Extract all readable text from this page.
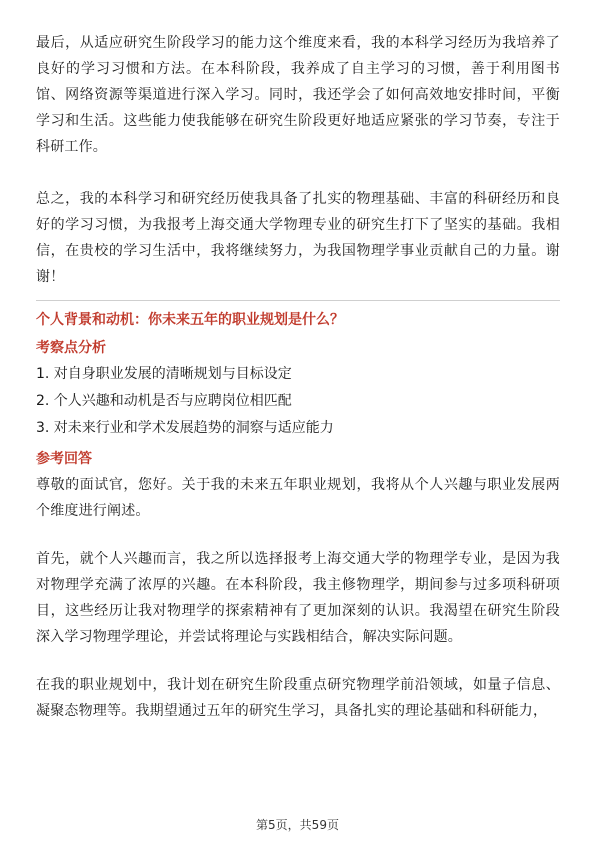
最后，从适应研究生阶段学习的能力这个维度来看，我的本科学习经历为我培养了良好的学习习惯和方法。在本科阶段，我养成了自主学习的习惯，善于利用图书馆、网络资源等渠道进行深入学习。同时，我还学会了如何高效地安排时间，平衡学习和生活。这些能力使我能够在研究生阶段更好地适应紧张的学习节奏，专注于科研工作。

总之，我的本科学习和研究经历使我具备了扎实的物理基础、丰富的科研经历和良好的学习习惯，为我报考上海交通大学物理专业的研究生打下了坚实的基础。我相信，在贵校的学习生活中，我将继续努力，为我国物理学事业贡献自己的力量。谢谢！

个人背景和动机：你未来五年的职业规划是什么？

考察点分析

1. 对自身职业发展的清晰规划与目标设定
2. 个人兴趣和动机是否与应聘岗位相匹配
3. 对未来行业和学术发展趋势的洞察与适应能力

参考回答

尊敬的面试官，您好。关于我的未来五年职业规划，我将从个人兴趣与职业发展两个维度进行阐述。

首先，就个人兴趣而言，我之所以选择报考上海交通大学的物理学专业，是因为我对物理学充满了浓厚的兴趣。在本科阶段，我主修物理学，期间参与过多项科研项目，这些经历让我对物理学的探索精神有了更加深刻的认识。我渴望在研究生阶段深入学习物理学理论，并尝试将理论与实践相结合，解决实际问题。

在我的职业规划中，我计划在研究生阶段重点研究物理学前沿领域，如量子信息、凝聚态物理等。我期望通过五年的研究生学习，具备扎实的理论基础和科研能力，

第5页，共59页
